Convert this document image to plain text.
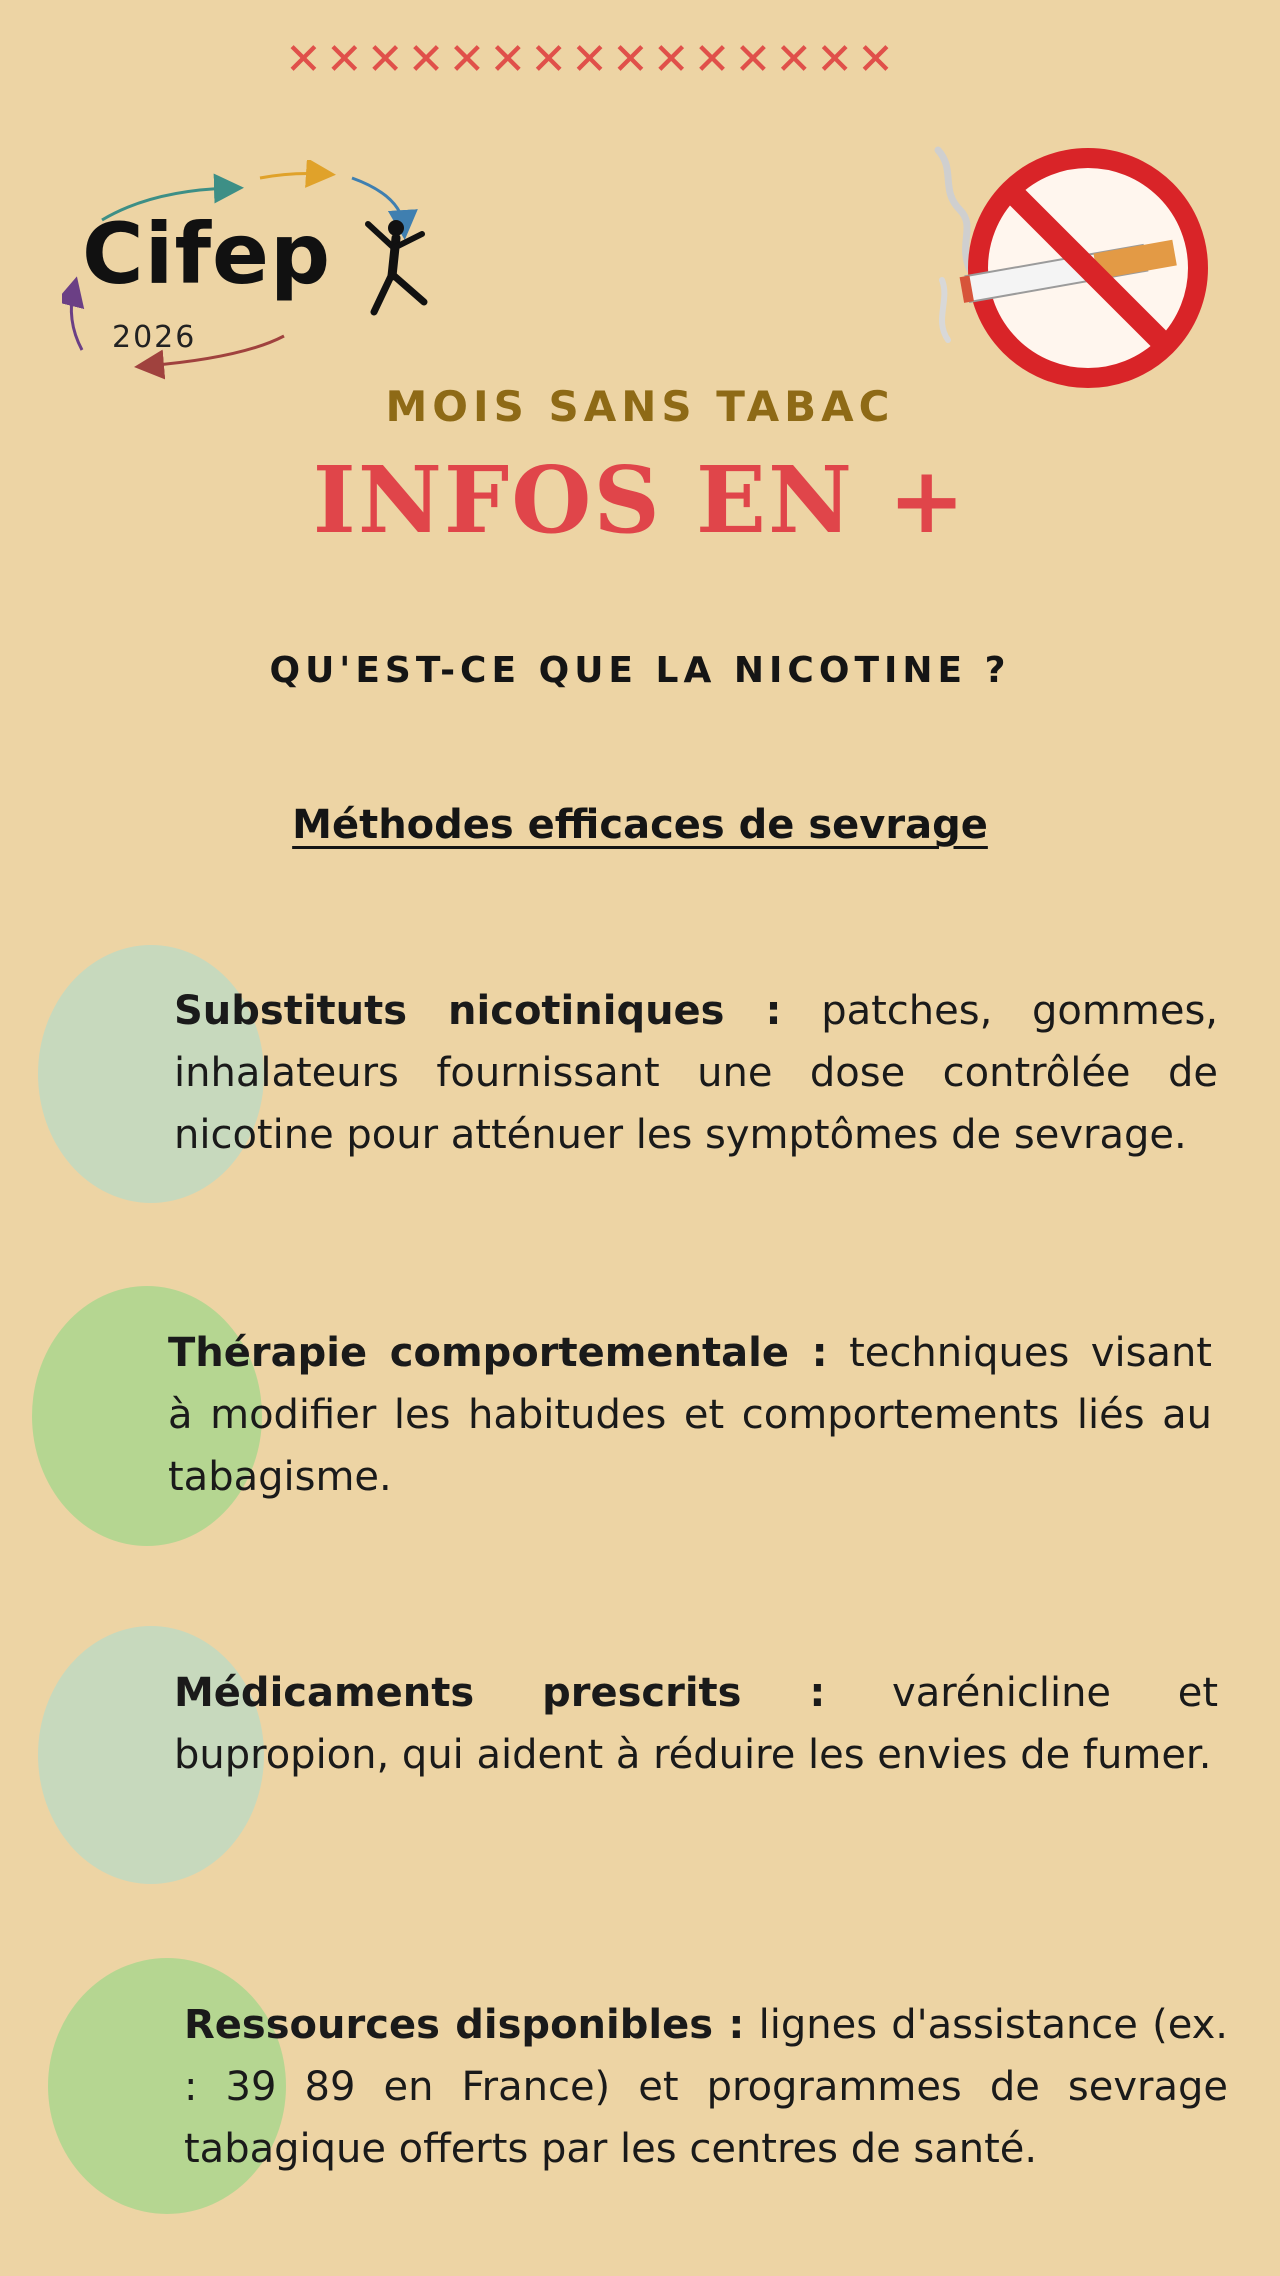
✕✕✕✕✕✕✕✕✕✕✕✕✕✕✕
Cifep
2026
MOIS SANS TABAC
INFOS EN +
QU'EST-CE QUE LA NICOTINE ?
Méthodes efficaces de sevrage
Substituts nicotiniques : patches, gommes, inhalateurs fournissant une dose contrôlée de nicotine pour atténuer les symptômes de sevrage.
Thérapie comportementale : techniques visant à modifier les habitudes et comportements liés au tabagisme.
Médicaments prescrits : varénicline et bupropion, qui aident à réduire les envies de fumer.
Ressources disponibles : lignes d'assistance (ex. : 39 89 en France) et programmes de sevrage tabagique offerts par les centres de santé.
